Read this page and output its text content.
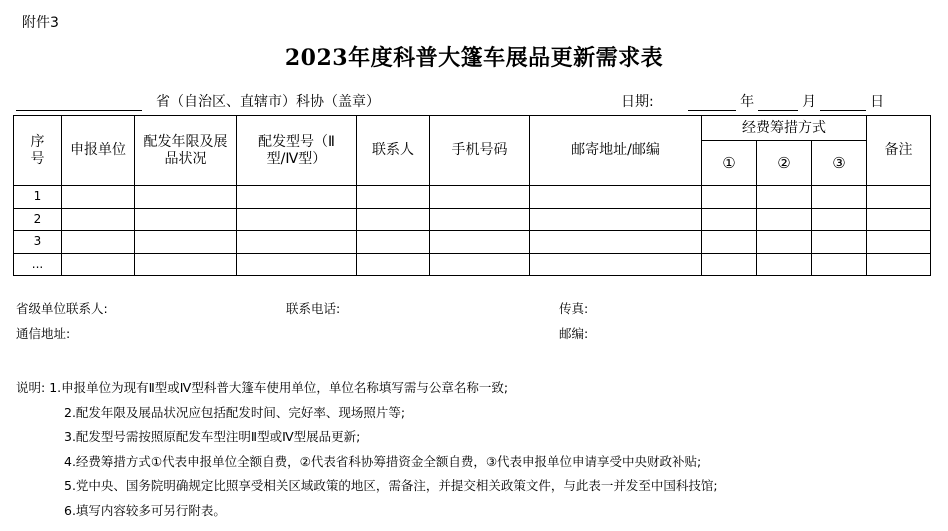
附件3
2023年度科普大篷车展品更新需求表
省（自治区、直辖市）科协（盖章）	日期:	年	月	日
序号	申报单位	配发年限及展品状况	配发型号（Ⅱ型/Ⅳ型）	联系人	手机号码	邮寄地址/邮编	经费筹措方式			备注
							①	②	③	
1										
2										
3										
...										
省级单位联系人:	联系电话:	传真:
通信地址:	邮编:
说明: 1.申报单位为现有Ⅱ型或Ⅳ型科普大篷车使用单位，单位名称填写需与公章名称一致;
2.配发年限及展品状况应包括配发时间、完好率、现场照片等;
3.配发型号需按照原配发车型注明Ⅱ型或Ⅳ型展品更新;
4.经费筹措方式①代表申报单位全额自费，②代表省科协筹措资金全额自费，③代表申报单位申请享受中央财政补贴;
5.党中央、国务院明确规定比照享受相关区域政策的地区，需备注，并提交相关政策文件，与此表一并发至中国科技馆;
6.填写内容较多可另行附表。
